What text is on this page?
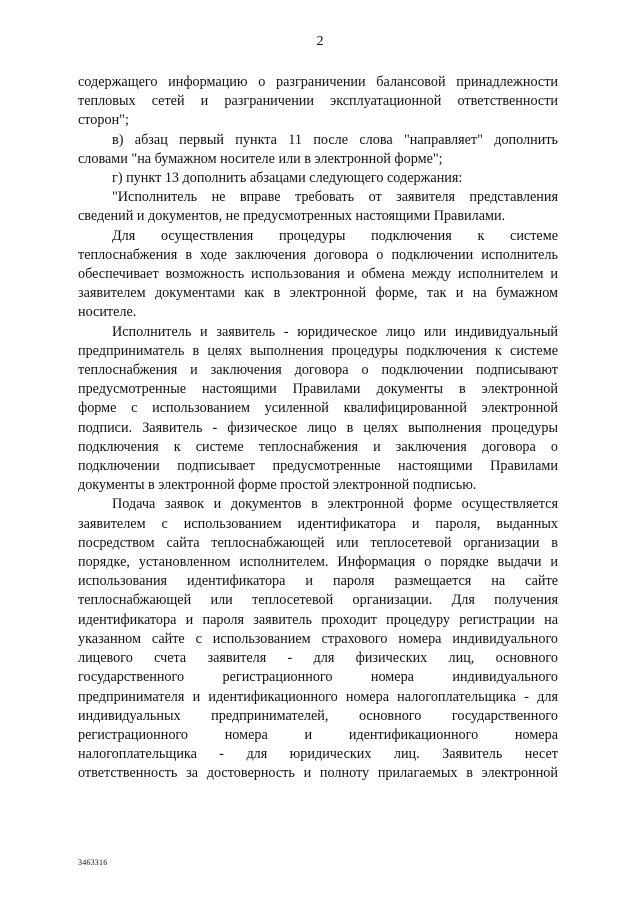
2
содержащего информацию о разграничении балансовой принадлежности
тепловых сетей и разграничении эксплуатационной ответственности
сторон";
в) абзац первый пункта 11 после слова "направляет" дополнить
словами "на бумажном носителе или в электронной форме";
г) пункт 13 дополнить абзацами следующего содержания:
"Исполнитель не вправе требовать от заявителя представления
сведений и документов, не предусмотренных настоящими Правилами.
Для осуществления процедуры подключения к системе
теплоснабжения в ходе заключения договора о подключении исполнитель
обеспечивает возможность использования и обмена между исполнителем и
заявителем документами как в электронной форме, так и на бумажном
носителе.
Исполнитель и заявитель - юридическое лицо или индивидуальный
предприниматель в целях выполнения процедуры подключения к системе
теплоснабжения и заключения договора о подключении подписывают
предусмотренные настоящими Правилами документы в электронной
форме с использованием усиленной квалифицированной электронной
подписи. Заявитель - физическое лицо в целях выполнения процедуры
подключения к системе теплоснабжения и заключения договора о
подключении подписывает предусмотренные настоящими Правилами
документы в электронной форме простой электронной подписью.
Подача заявок и документов в электронной форме осуществляется
заявителем с использованием идентификатора и пароля, выданных
посредством сайта теплоснабжающей или теплосетевой организации в
порядке, установленном исполнителем. Информация о порядке выдачи и
использования идентификатора и пароля размещается на сайте
теплоснабжающей или теплосетевой организации. Для получения
идентификатора и пароля заявитель проходит процедуру регистрации на
указанном сайте с использованием страхового номера индивидуального
лицевого счета заявителя - для физических лиц, основного
государственного регистрационного номера индивидуального
предпринимателя и идентификационного номера налогоплательщика - для
индивидуальных предпринимателей, основного государственного
регистрационного номера и идентификационного номера
налогоплательщика - для юридических лиц. Заявитель несет
ответственность за достоверность и полноту прилагаемых в электронной
3463316
